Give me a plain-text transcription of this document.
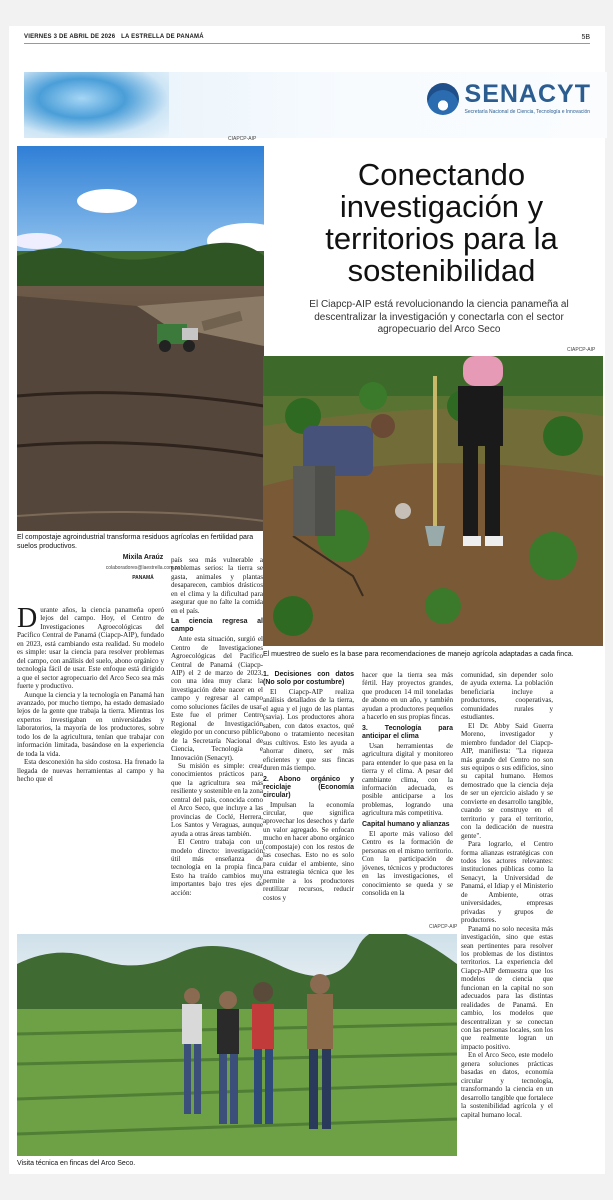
VIERNES 3 DE ABRIL DE 2026 LA ESTRELLA DE PANAMÁ	5B
SENACYT
Secretaría Nacional de Ciencia, Tecnología e Innovación
CIAPCP-AIP
El compostaje agroindustrial transforma residuos agrícolas en fertilidad para suelos productivos.
Conectando investigación y territorios para la sostenibilidad
El Ciapcp-AIP está revolucionando la ciencia panameña al descentralizar la investigación y conectarla con el sector agropecuario del Arco Seco
CIAPCP-AIP
El muestreo de suelo es la base para recomendaciones de manejo agrícola adaptadas a cada finca.
Mixila Araúz
colaboradores@laestrella.com.pa
PANAMÁ

Durante años, la ciencia panameña operó lejos del campo. Hoy, el Centro de Investigaciones Agroecológicas del Pacífico Central de Panamá (Ciapcp-AIP), fundado en 2023, está cambiando esta realidad. Su modelo es simple: usar la ciencia para resolver problemas del campo, con análisis del suelo, abono orgánico y tecnología fácil de usar. Este enfoque está dirigido a que el sector agropecuario del Arco Seco sea más fuerte y productivo.

Aunque la ciencia y la tecnología en Panamá han avanzado, por mucho tiempo, ha estado demasiado lejos de la gente que trabaja la tierra. Mientras los expertos investigaban en universidades y laboratorios, la mayoría de los productores, sobre todo los de la agricultura, tenían que trabajar con información limitada, basándose en la experiencia de toda la vida.

Esta desconexión ha sido costosa. Ha frenado la llegada de nuevas herramientas al campo y ha hecho que el

país sea más vulnerable a problemas serios: la tierra se gasta, animales y plantas desaparecen, cambios drásticos en el clima y la dificultad para asegurar que no falte la comida en el país.

La ciencia regresa al campo

Ante esta situación, surgió el Centro de Investigaciones Agroecológicas del Pacífico Central de Panamá (Ciapcp-AIP) el 2 de marzo de 2023, con una idea muy clara: la investigación debe nacer en el campo y regresar al campo como soluciones fáciles de usar. Este fue el primer Centro Regional de Investigación elegido por un concurso público de la Secretaría Nacional de Ciencia, Tecnología e Innovación (Senacyt).

Su misión es simple: crear conocimientos prácticos para que la agricultura sea más resiliente y sostenible en la zona central del país, conocida como el Arco Seco, que incluye a las provincias de Coclé, Herrera, Los Santos y Veraguas, aunque ayuda a otras áreas también.

El Centro trabaja con un modelo directo: investigación útil más enseñanza de tecnología en la propia finca. Esto ha traído cambios muy importantes bajo tres ejes de acción:

1. Decisiones con datos (No solo por costumbre)

El Ciapcp-AIP realiza análisis detallados de la tierra, el agua y el jugo de las plantas (savia). Los productores ahora saben, con datos exactos, qué abono o tratamiento necesitan sus cultivos. Esto les ayuda a ahorrar dinero, ser más eficientes y que sus fincas duren más tiempo.

2. Abono orgánico y reciclaje (Economía circular)

Impulsan la economía circular, que significa aprovechar los desechos y darle un valor agregado. Se enfocan mucho en hacer abono orgánico (compostaje) con los restos de las cosechas. Esto no es solo para cuidar el ambiente, sino una estrategia técnica que les permite a los productores reutilizar recursos, reducir costos y

hacer que la tierra sea más fértil. Hay proyectos grandes, que producen 14 mil toneladas de abono en un año, y también ayudan a productores pequeños a hacerlo en sus propias fincas.

3. Tecnología para anticipar el clima

Usan herramientas de agricultura digital y monitoreo para entender lo que pasa en la tierra y el clima. A pesar del cambiante clima, con la información adecuada, es posible anticiparse a los problemas, logrando una agricultura más competitiva.

Capital humano y alianzas

El aporte más valioso del Centro es la formación de personas en el mismo territorio. Con la participación de jóvenes, técnicos y productores en las investigaciones, el conocimiento se queda y se consolida en la

comunidad, sin depender solo de ayuda externa. La población beneficiaria incluye a productores, cooperativas, comunidades rurales y estudiantes.

El Dr. Abby Said Guerra Moreno, investigador y miembro fundador del Ciapcp-AIP, manifiesta: "La riqueza más grande del Centro no son sus equipos o sus edificios, sino su capital humano. Hemos demostrado que la ciencia deja de ser un ejercicio aislado y se convierte en desarrollo tangible, cuando se construye en el territorio y para el territorio, con la dedicación de nuestra gente".

Para lograrlo, el Centro forma alianzas estratégicas con todos los actores relevantes: instituciones públicas como la Senacyt, la Universidad de Panamá, el Idiap y el Ministerio de Ambiente, otras universidades, empresas privadas y grupos de productores.

Panamá no solo necesita más investigación, sino que estas sean pertinentes para resolver los problemas de los distintos territorios. La experiencia del Ciapcp-AIP demuestra que los modelos de ciencia que funcionan en la capital no son adecuados para las distintas realidades de Panamá. En cambio, los modelos que descentralizan y se conectan con las personas locales, son los que realmente logran un impacto positivo.

En el Arco Seco, este modelo genera soluciones prácticas basadas en datos, economía circular y tecnología, transformando la ciencia en un desarrollo tangible que fortalece la sostenibilidad agrícola y el capital humano local.

CIAPCP-AIP
Visita técnica en fincas del Arco Seco.
